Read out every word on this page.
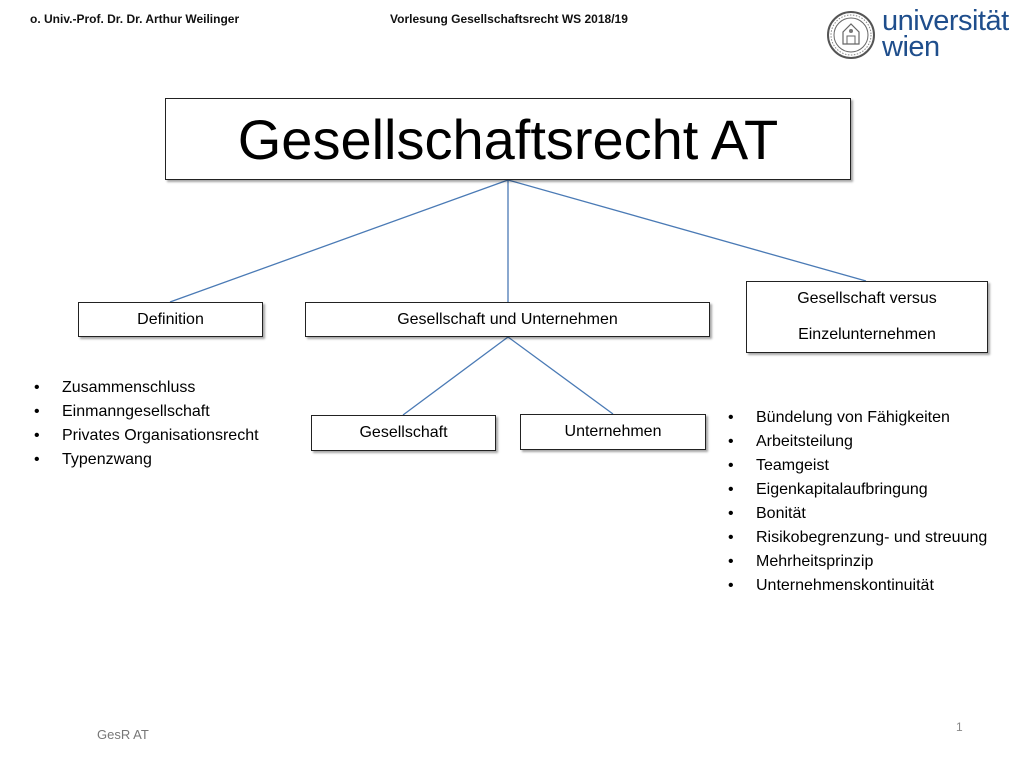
o. Univ.-Prof. Dr. Dr. Arthur Weilinger	Vorlesung Gesellschaftsrecht WS 2018/19	universität
wien
Gesellschaftsrecht AT
Definition	Gesellschaft und Unternehmen
Gesellschaft versus
Einzelunternehmen
Gesellschaft	Unternehmen
• Zusammenschluss
• Einmanngesellschaft
• Privates Organisationsrecht
• Typenzwang
• Bündelung von Fähigkeiten
• Arbeitsteilung
• Teamgeist
• Eigenkapitalaufbringung
• Bonität
• Risikobegrenzung- und streuung
• Mehrheitsprinzip
• Unternehmenskontinuität
GesR AT	1
